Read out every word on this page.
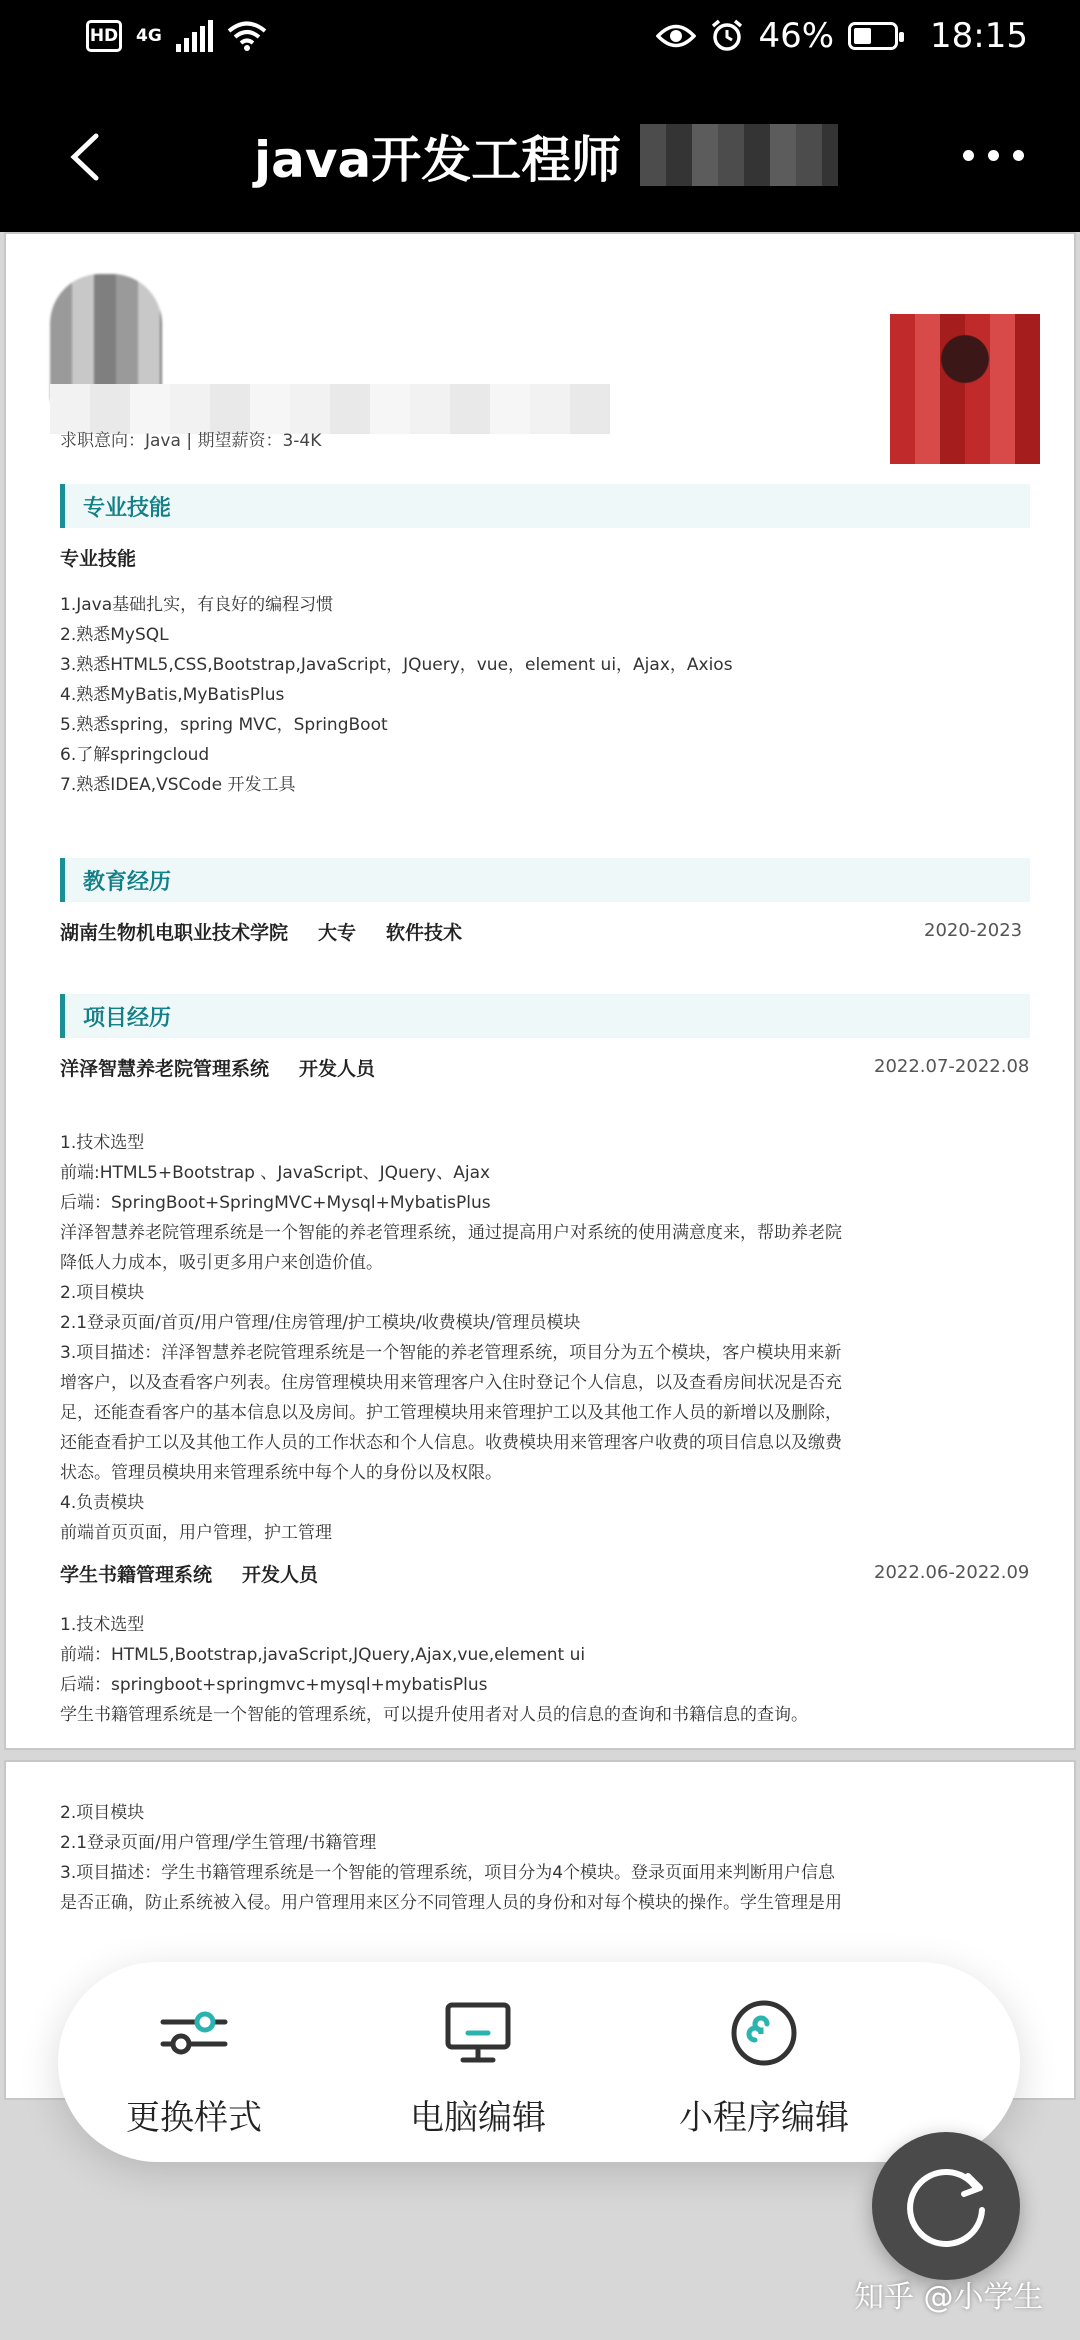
HD 4G	46%	18:15
java开发工程师
求职意向：Java | 期望薪资：3-4K
专业技能
专业技能
1.Java基础扎实，有良好的编程习惯
2.熟悉MySQL
3.熟悉HTML5,CSS,Bootstrap,JavaScript，JQuery，vue，element ui，Ajax，Axios
4.熟悉MyBatis,MyBatisPlus
5.熟悉spring，spring MVC，SpringBoot
6.了解springcloud
7.熟悉IDEA,VSCode 开发工具
教育经历
湖南生物机电职业技术学院 大专 软件技术	2020-2023
项目经历
洋泽智慧养老院管理系统 开发人员	2022.07-2022.08
1.技术选型
前端:HTML5+Bootstrap 、JavaScript、JQuery、Ajax
后端：SpringBoot+SpringMVC+Mysql+MybatisPlus
洋泽智慧养老院管理系统是一个智能的养老管理系统，通过提高用户对系统的使用满意度来，帮助养老院
降低人力成本，吸引更多用户来创造价值。
2.项目模块
2.1登录页面/首页/用户管理/住房管理/护工模块/收费模块/管理员模块
3.项目描述：洋泽智慧养老院管理系统是一个智能的养老管理系统，项目分为五个模块，客户模块用来新
增客户，以及查看客户列表。住房管理模块用来管理客户入住时登记个人信息，以及查看房间状况是否充
足，还能查看客户的基本信息以及房间。护工管理模块用来管理护工以及其他工作人员的新增以及删除，
还能查看护工以及其他工作人员的工作状态和个人信息。收费模块用来管理客户收费的项目信息以及缴费
状态。管理员模块用来管理系统中每个人的身份以及权限。
4.负责模块
前端首页页面，用户管理，护工管理
学生书籍管理系统 开发人员	2022.06-2022.09
1.技术选型
前端：HTML5,Bootstrap,javaScript,JQuery,Ajax,vue,element ui
后端：springboot+springmvc+mysql+mybatisPlus
学生书籍管理系统是一个智能的管理系统，可以提升使用者对人员的信息的查询和书籍信息的查询。
2.项目模块
2.1登录页面/用户管理/学生管理/书籍管理
3.项目描述：学生书籍管理系统是一个智能的管理系统，项目分为4个模块。登录页面用来判断用户信息
是否正确，防止系统被入侵。用户管理用来区分不同管理人员的身份和对每个模块的操作。学生管理是用
更换样式	电脑编辑	小程序编辑
知乎 @小学生
